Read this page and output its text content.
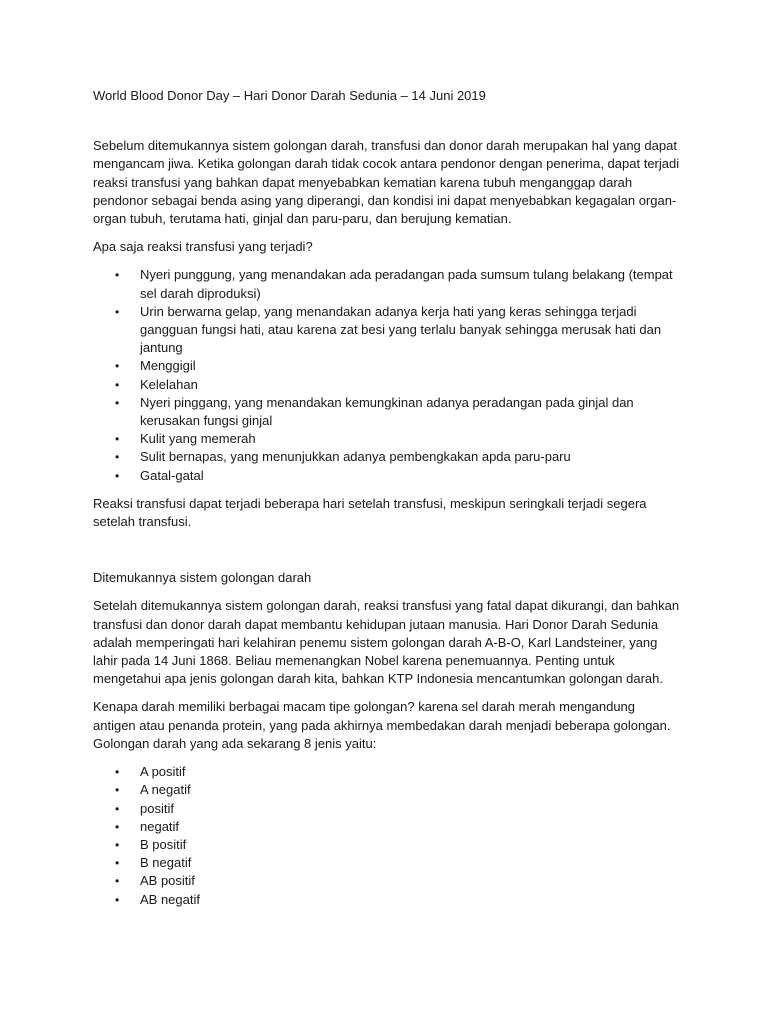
World Blood Donor Day – Hari Donor Darah Sedunia – 14 Juni 2019

Sebelum ditemukannya sistem golongan darah, transfusi dan donor darah merupakan hal yang dapat mengancam jiwa. Ketika golongan darah tidak cocok antara pendonor dengan penerima, dapat terjadi reaksi transfusi yang bahkan dapat menyebabkan kematian karena tubuh menganggap darah pendonor sebagai benda asing yang diperangi, dan kondisi ini dapat menyebabkan kegagalan organ-organ tubuh, terutama hati, ginjal dan paru-paru, dan berujung kematian.

Apa saja reaksi transfusi yang terjadi?
• Nyeri punggung, yang menandakan ada peradangan pada sumsum tulang belakang (tempat sel darah diproduksi)
• Urin berwarna gelap, yang menandakan adanya kerja hati yang keras sehingga terjadi gangguan fungsi hati, atau karena zat besi yang terlalu banyak sehingga merusak hati dan jantung
• Menggigil
• Kelelahan
• Nyeri pinggang, yang menandakan kemungkinan adanya peradangan pada ginjal dan kerusakan fungsi ginjal
• Kulit yang memerah
• Sulit bernapas, yang menunjukkan adanya pembengkakan apda paru-paru
• Gatal-gatal

Reaksi transfusi dapat terjadi beberapa hari setelah transfusi, meskipun seringkali terjadi segera setelah transfusi.

Ditemukannya sistem golongan darah

Setelah ditemukannya sistem golongan darah, reaksi transfusi yang fatal dapat dikurangi, dan bahkan transfusi dan donor darah dapat membantu kehidupan jutaan manusia. Hari Donor Darah Sedunia adalah memperingati hari kelahiran penemu sistem golongan darah A-B-O, Karl Landsteiner, yang lahir pada 14 Juni 1868. Beliau memenangkan Nobel karena penemuannya. Penting untuk mengetahui apa jenis golongan darah kita, bahkan KTP Indonesia mencantumkan golongan darah.

Kenapa darah memiliki berbagai macam tipe golongan? karena sel darah merah mengandung antigen atau penanda protein, yang pada akhirnya membedakan darah menjadi beberapa golongan. Golongan darah yang ada sekarang 8 jenis yaitu:

• A positif
• A negatif
• positif
• negatif
• B positif
• B negatif
• AB positif
• AB negatif
